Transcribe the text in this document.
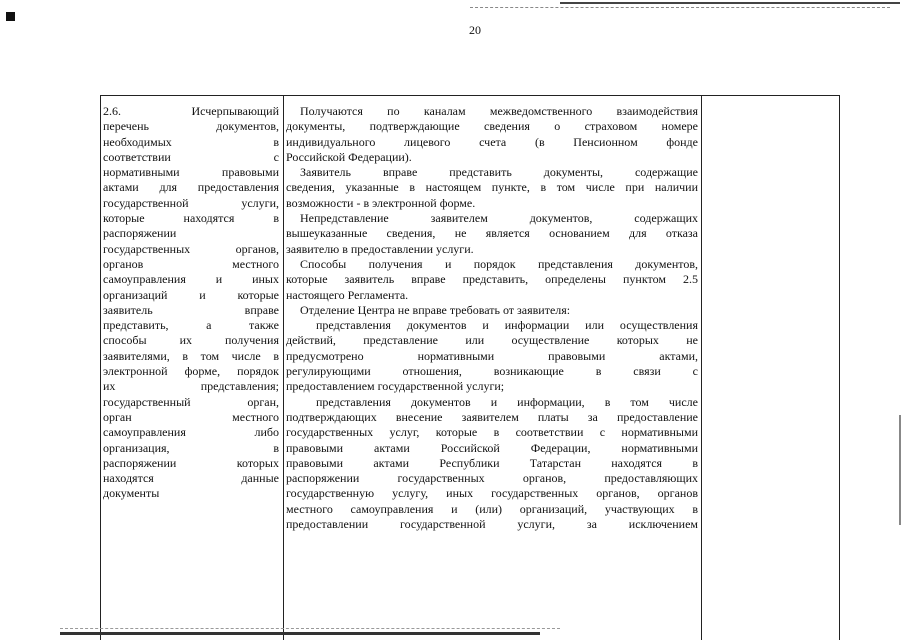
20
2.6. Исчерпывающий
перечень документов,
необходимых в
соответствии с
нормативными правовыми
актами для предоставления
государственной услуги,
которые находятся в
распоряжении
государственных органов,
органов местного
самоуправления и иных
организаций и которые
заявитель вправе
представить, а также
способы их получения
заявителями, в том числе в
электронной форме, порядок
их представления;
государственный орган,
орган местного
самоуправления либо
организация, в
распоряжении которых
находятся данные
документы
Получаются по каналам межведомственного взаимодействия
документы, подтверждающие сведения о страховом номере
индивидуального лицевого счета (в Пенсионном фонде
Российской Федерации).
Заявитель вправе представить документы, содержащие
сведения, указанные в настоящем пункте, в том числе при наличии
возможности - в электронной форме.
Непредставление заявителем документов, содержащих
вышеуказанные сведения, не является основанием для отказа
заявителю в предоставлении услуги.
Способы получения и порядок представления документов,
которые заявитель вправе представить, определены пунктом 2.5
настоящего Регламента.
Отделение Центра не вправе требовать от заявителя:
представления документов и информации или осуществления
действий, представление или осуществление которых не
предусмотрено нормативными правовыми актами,
регулирующими отношения, возникающие в связи с
предоставлением государственной услуги;
представления документов и информации, в том числе
подтверждающих внесение заявителем платы за предоставление
государственных услуг, которые в соответствии с нормативными
правовыми актами Российской Федерации, нормативными
правовыми актами Республики Татарстан находятся в
распоряжении государственных органов, предоставляющих
государственную услугу, иных государственных органов, органов
местного самоуправления и (или) организаций, участвующих в
предоставлении государственной услуги, за исключением
